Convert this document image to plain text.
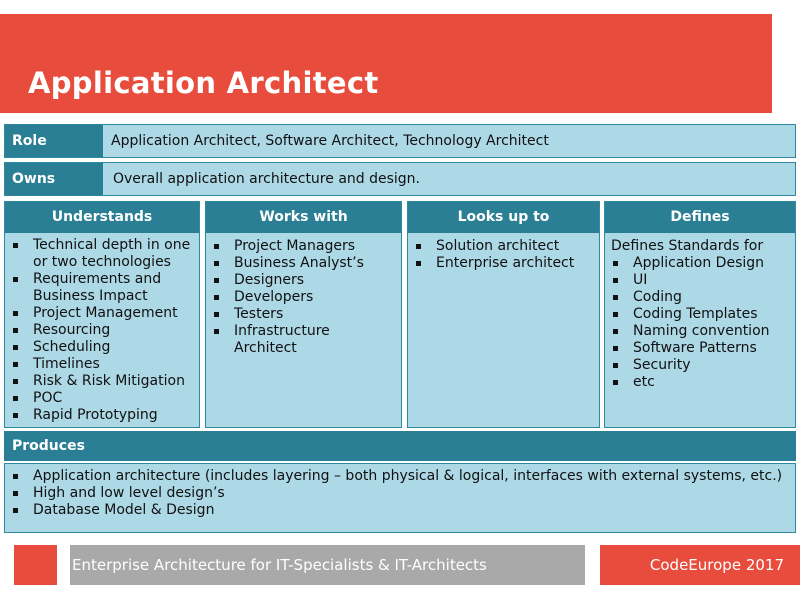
Application Architect
Role	Application Architect, Software Architect, Technology Architect
Owns	Overall application architecture and design.
Understands
Technical depth in one or two technologies
Requirements and Business Impact
Project Management
Resourcing
Scheduling
Timelines
Risk & Risk Mitigation
POC
Rapid Prototyping
Works with
Project Managers
Business Analyst’s
Designers
Developers
Testers
Infrastructure Architect
Looks up to
Solution architect
Enterprise architect
Defines
Defines Standards for
Application Design
UI
Coding
Coding Templates
Naming convention
Software Patterns
Security
etc
Produces
Application architecture (includes layering – both physical & logical, interfaces with external systems, etc.)
High and low level design’s
Database Model & Design
Enterprise Architecture for IT-Specialists & IT-Architects	CodeEurope 2017
